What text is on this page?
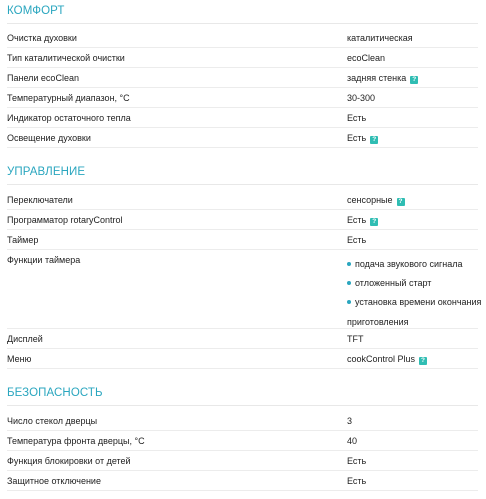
КОМФОРТ
Очистка духовки	каталитическая
Тип каталитической очистки	ecoClean
Панели ecoClean	задняя стенка ?
Температурный диапазон, °С	30-300
Индикатор остаточного тепла	Есть
Освещение духовки	Есть ?
УПРАВЛЕНИЕ
Переключатели	сенсорные ?
Программатор rotaryControl	Есть ?
Таймер	Есть
Функции таймера	подача звукового сигнала
отложенный старт
установка времени окончания
приготовления
Дисплей	TFT
Меню	cookControl Plus ?
БЕЗОПАСНОСТЬ
Число стекол дверцы	3
Температура фронта дверцы, °С	40
Функция блокировки от детей	Есть
Защитное отключение	Есть
